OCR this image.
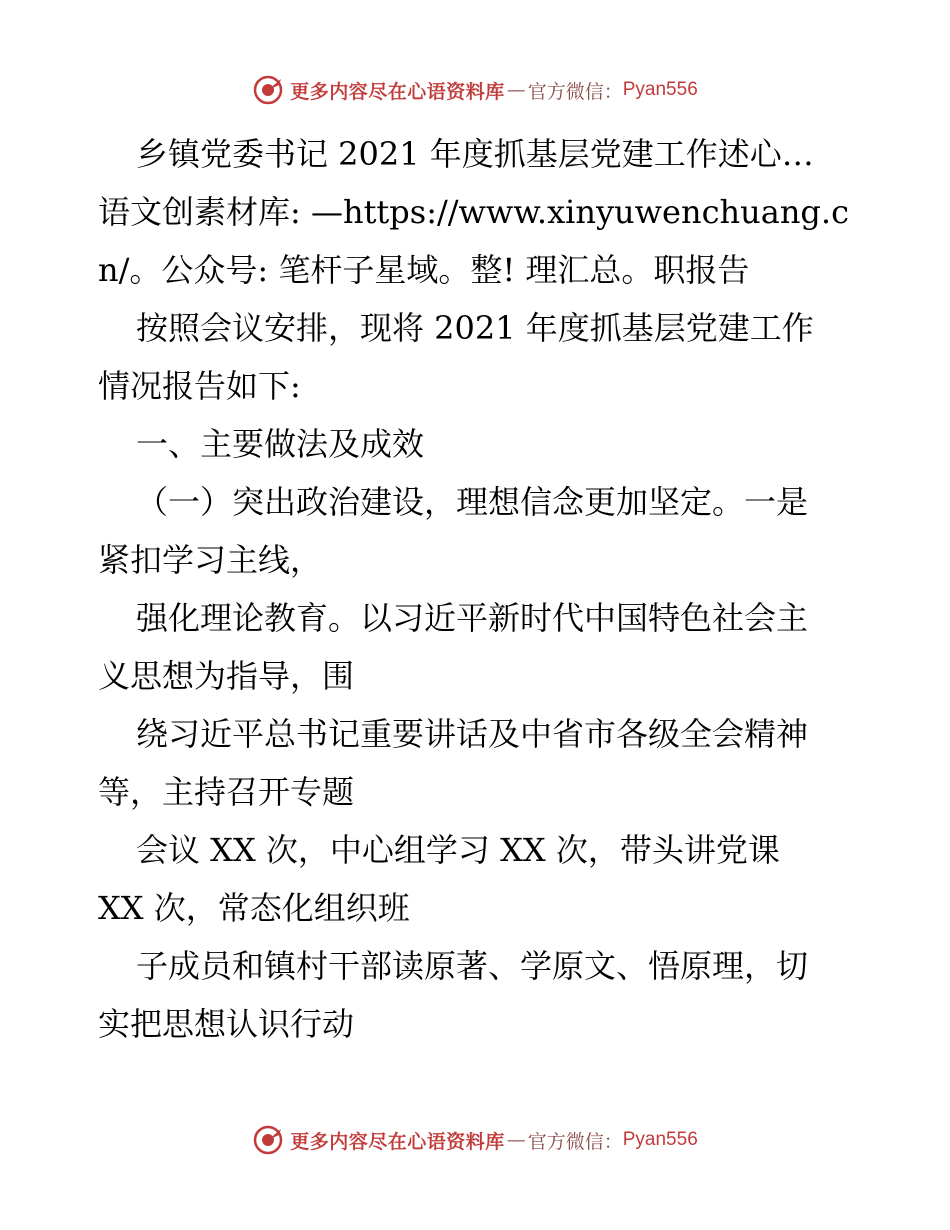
更多内容尽在心语资料库 — 官方微信： Pyan556
乡镇党委书记 2021 年度抓基层党建工作述心…
语文创素材库: —https://www.xinyuwenchuang.c
n/。公众号: 笔杆子星域。整! 理汇总。职报告
按照会议安排，现将 2021 年度抓基层党建工作
情况报告如下:
一、主要做法及成效
（一）突出政治建设，理想信念更加坚定。一是
紧扣学习主线，
强化理论教育。以习近平新时代中国特色社会主
义思想为指导，围
绕习近平总书记重要讲话及中省市各级全会精神
等，主持召开专题
会议 XX 次，中心组学习 XX 次，带头讲党课
XX 次，常态化组织班
子成员和镇村干部读原著、学原文、悟原理，切
实把思想认识行动
更多内容尽在心语资料库 — 官方微信： Pyan556
